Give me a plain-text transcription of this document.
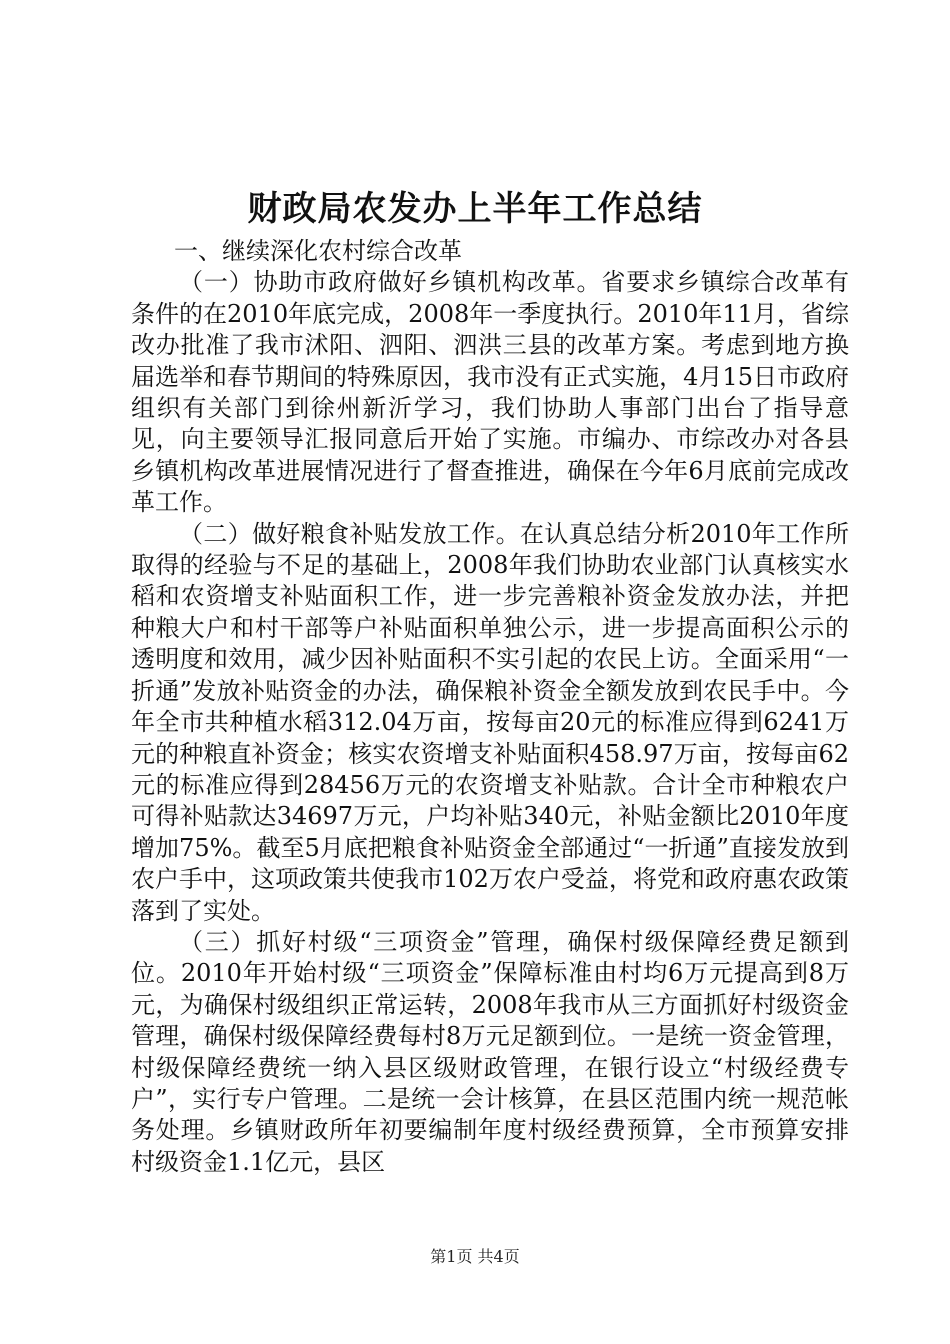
财政局农发办上半年工作总结

一、继续深化农村综合改革

（一）协助市政府做好乡镇机构改革。省要求乡镇综合改革有条件的在2010年底完成，2008年一季度执行。2010年11月，省综改办批准了我市沭阳、泗阳、泗洪三县的改革方案。考虑到地方换届选举和春节期间的特殊原因，我市没有正式实施，4月15日市政府组织有关部门到徐州新沂学习，我们协助人事部门出台了指导意见，向主要领导汇报同意后开始了实施。市编办、市综改办对各县乡镇机构改革进展情况进行了督查推进，确保在今年6月底前完成改革工作。

（二）做好粮食补贴发放工作。在认真总结分析2010年工作所取得的经验与不足的基础上，2008年我们协助农业部门认真核实水稻和农资增支补贴面积工作，进一步完善粮补资金发放办法，并把种粮大户和村干部等户补贴面积单独公示，进一步提高面积公示的透明度和效用，减少因补贴面积不实引起的农民上访。全面采用“一折通”发放补贴资金的办法，确保粮补资金全额发放到农民手中。今年全市共种植水稻312.04万亩，按每亩20元的标准应得到6241万元的种粮直补资金；核实农资增支补贴面积458.97万亩，按每亩62元的标准应得到28456万元的农资增支补贴款。合计全市种粮农户可得补贴款达34697万元，户均补贴340元，补贴金额比2010年度增加75%。截至5月底把粮食补贴资金全部通过“一折通”直接发放到农户手中，这项政策共使我市102万农户受益，将党和政府惠农政策落到了实处。

（三）抓好村级“三项资金”管理，确保村级保障经费足额到位。2010年开始村级“三项资金”保障标准由村均6万元提高到8万元，为确保村级组织正常运转，2008年我市从三方面抓好村级资金管理，确保村级保障经费每村8万元足额到位。一是统一资金管理，村级保障经费统一纳入县区级财政管理，在银行设立“村级经费专户”，实行专户管理。二是统一会计核算，在县区范围内统一规范帐务处理。乡镇财政所年初要编制年度村级经费预算，全市预算安排村级资金1.1亿元，县区

第1页 共4页
